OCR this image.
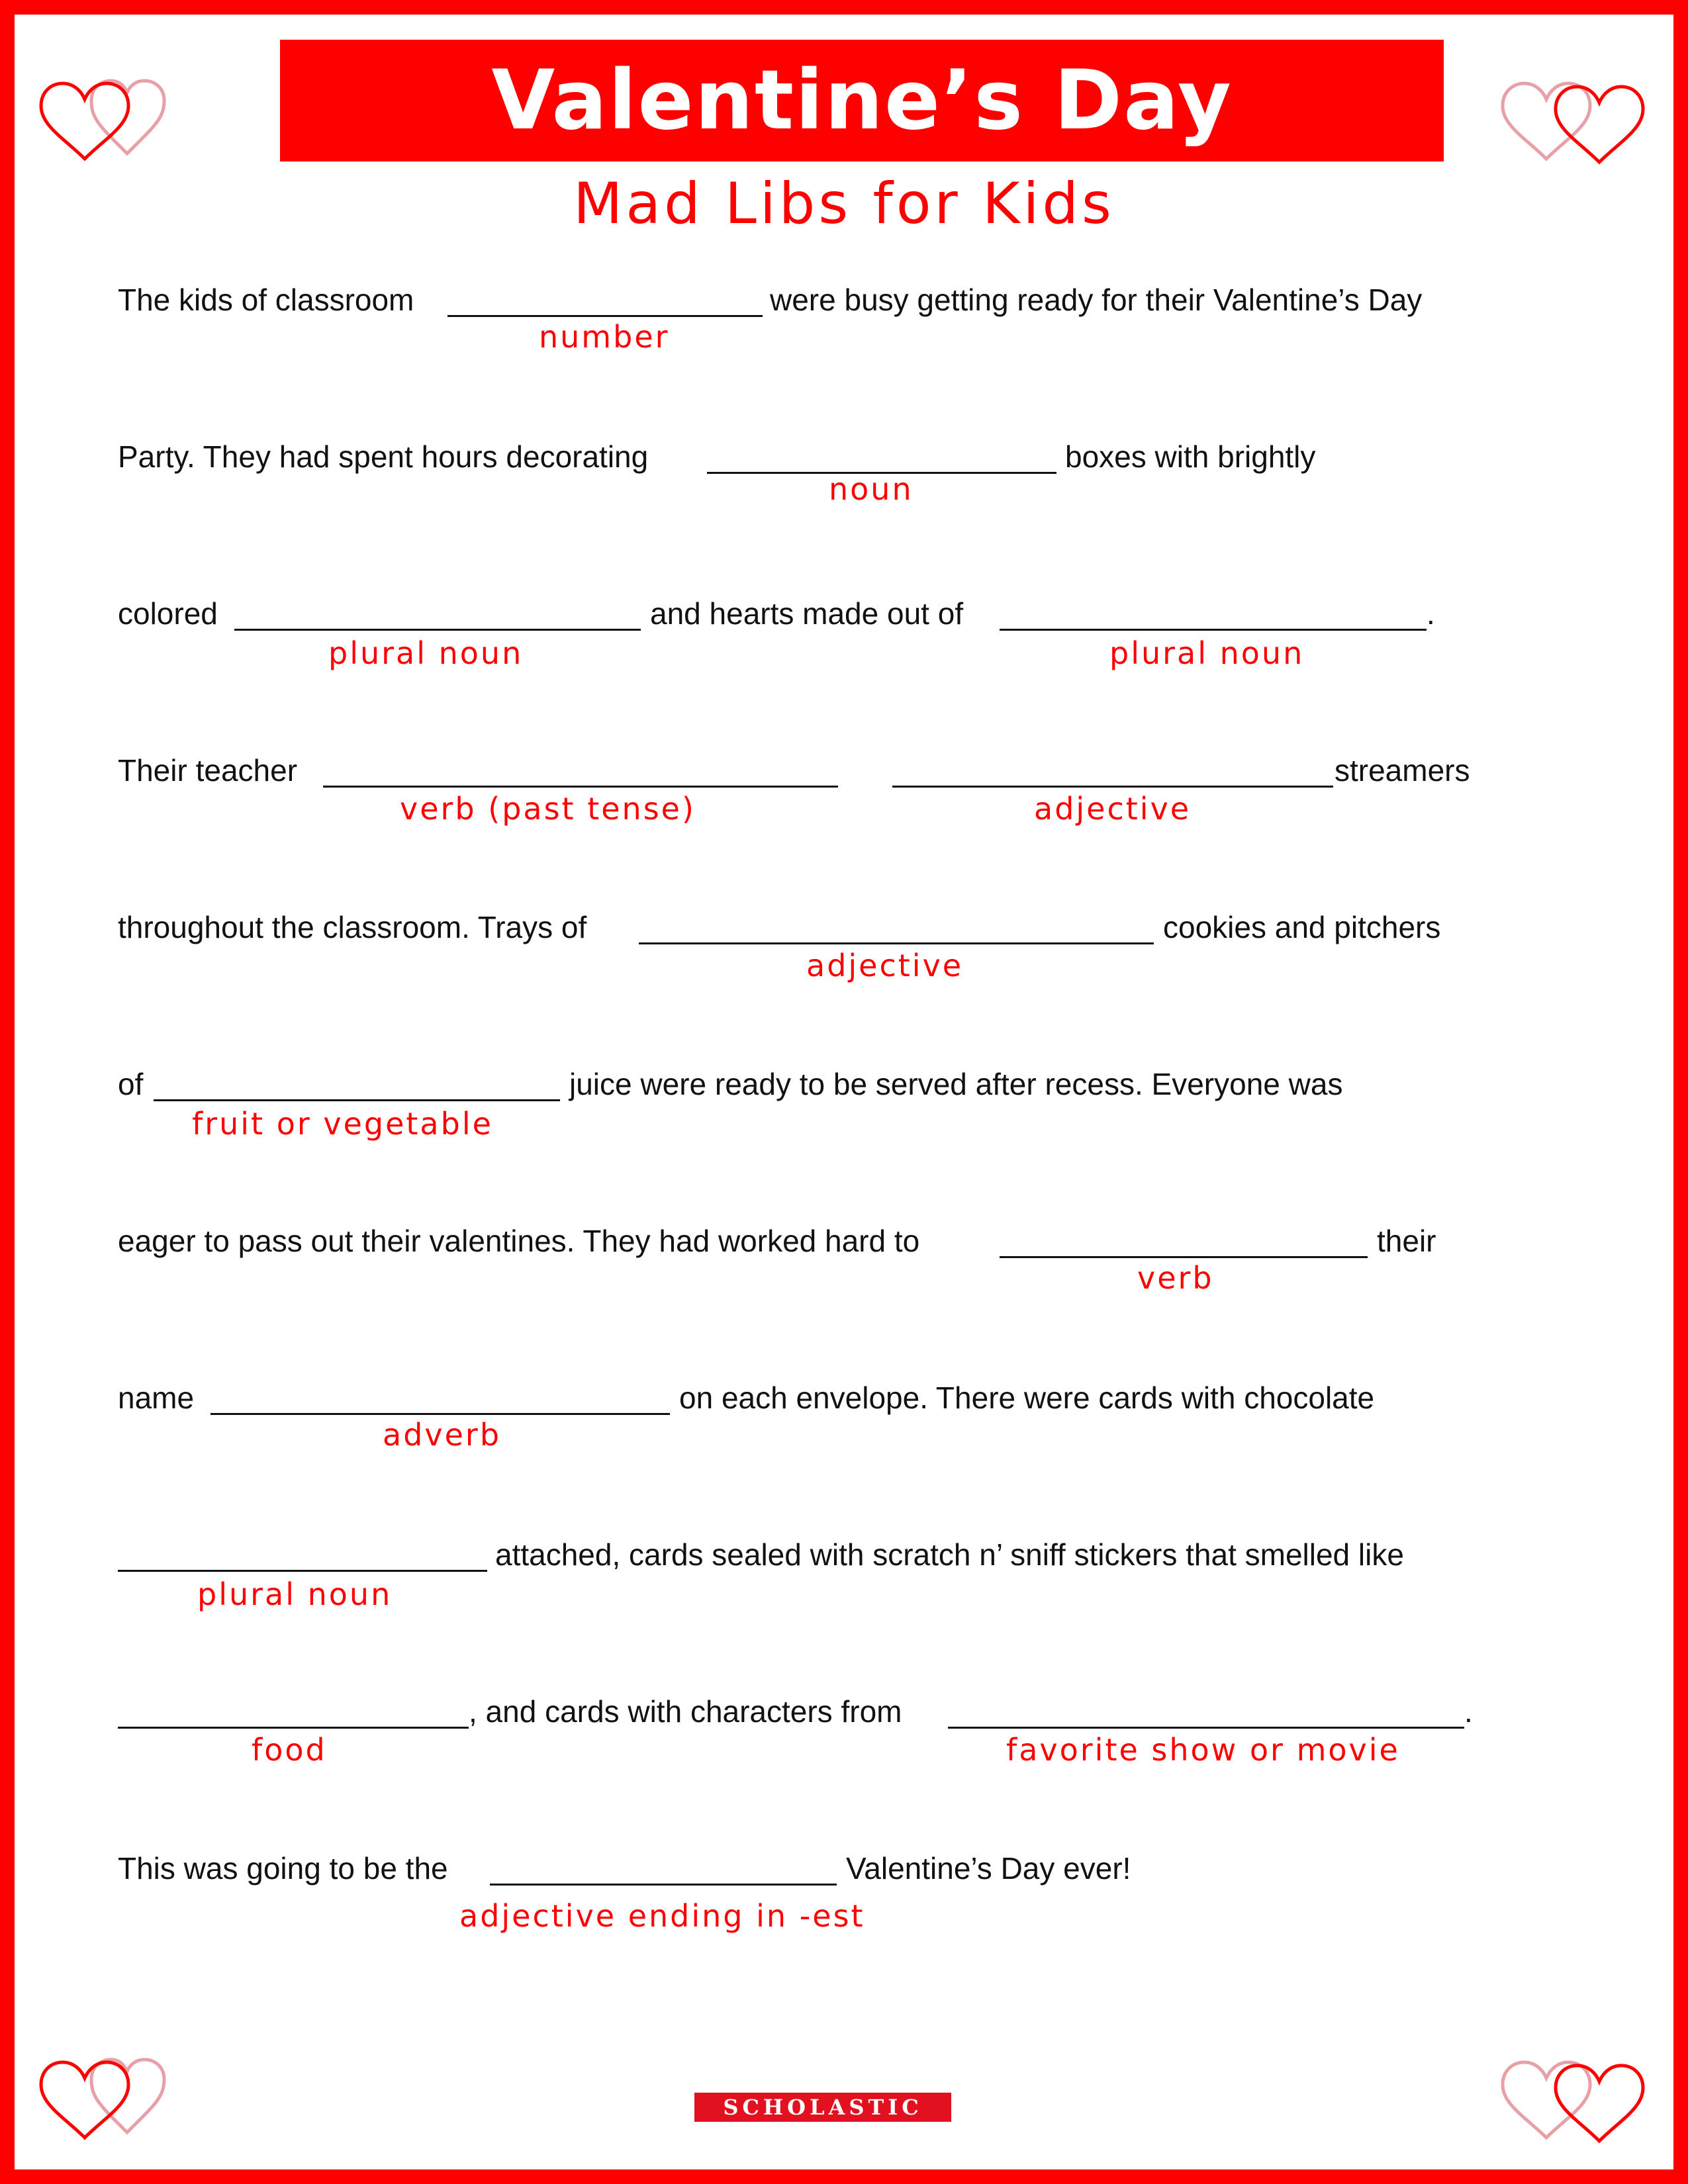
Valentine’s Day
Mad Libs for Kids
The kids of classroom	were busy getting ready for their Valentine’s Day
number
Party. They had spent hours decorating	boxes with brightly
noun
colored	and hearts made out of	.
plural noun	plural noun
Their teacher	streamers
verb (past tense)	adjective
throughout the classroom. Trays of	cookies and pitchers
adjective
of	juice were ready to be served after recess. Everyone was
fruit or vegetable
eager to pass out their valentines. They had worked hard to	their
verb
name	on each envelope. There were cards with chocolate
adverb
attached, cards sealed with scratch n’ sniff stickers that smelled like
plural noun
, and cards with characters from	.
food	favorite show or movie
This was going to be the	Valentine’s Day ever!
adjective ending in -est
SCHOLASTIC
